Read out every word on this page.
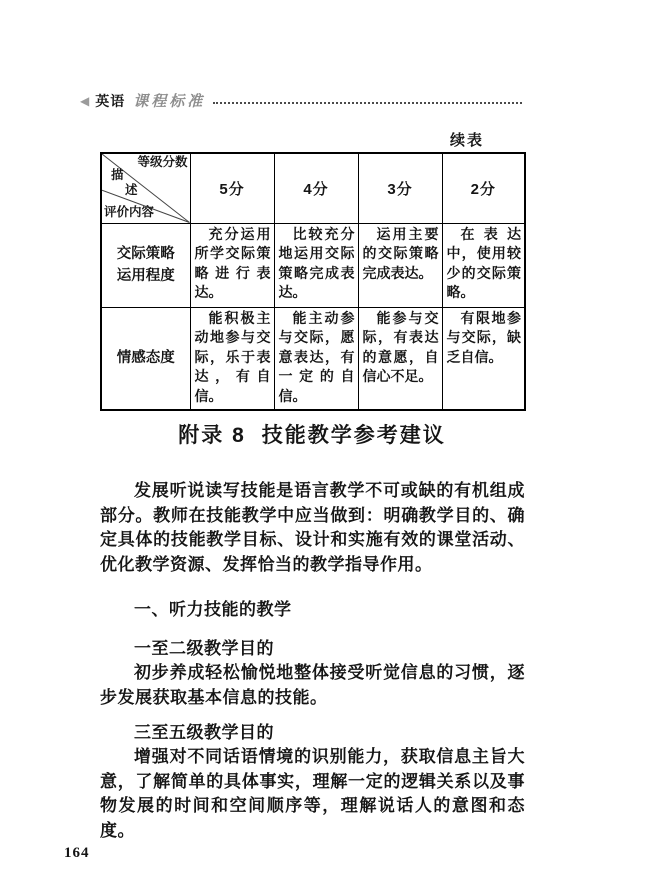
◀ 英语 课程标准
续表
等级分数
描
述
评价内容	5分	4分	3分	2分
交际策略运用程度	充分运用所学交际策略进行表达。	比较充分地运用交际策略完成表达。	运用主要的交际策略完成表达。	在表达中，使用较少的交际策略。

情感态度	能积极主动地参与交际，乐于表达，有自信。	能主动参与交际，愿意表达，有一定的自信。	能参与交际，有表达的意愿，自信心不足。	有限地参与交际，缺乏自信。
附录 8 技能教学参考建议

发展听说读写技能是语言教学不可或缺的有机组成部分。教师在技能教学中应当做到：明确教学目的、确定具体的技能教学目标、设计和实施有效的课堂活动、优化教学资源、发挥恰当的教学指导作用。

一、听力技能的教学
一至二级教学目的

初步养成轻松愉悦地整体接受听觉信息的习惯，逐步发展获取基本信息的技能。

三至五级教学目的

增强对不同话语情境的识别能力，获取信息主旨大意，了解简单的具体事实，理解一定的逻辑关系以及事物发展的时间和空间顺序等，理解说话人的意图和态度。

164
